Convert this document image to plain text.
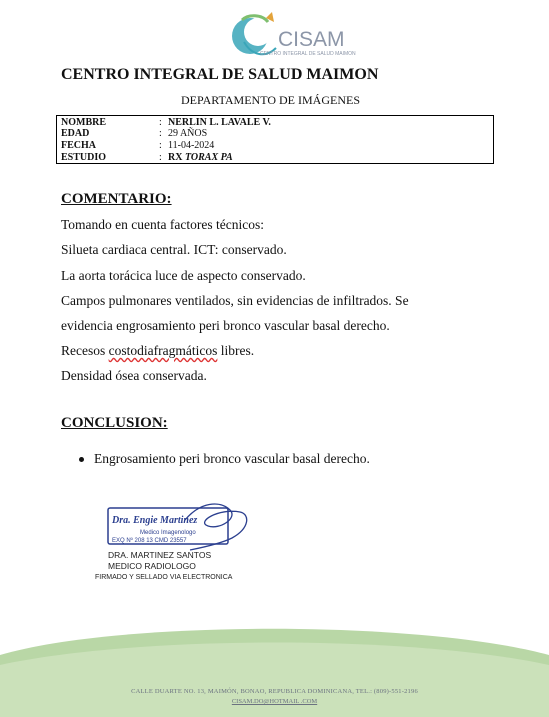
CISAM
CENTRO INTEGRAL DE SALUD MAIMON
CENTRO INTEGRAL DE SALUD MAIMON
DEPARTAMENTO DE IMÁGENES
NOMBRE	: NERLIN L. LAVALE V.
EDAD	: 29 AÑOS
FECHA	: 11-04-2024
ESTUDIO	: RX TORAX PA
COMENTARIO:
Tomando en cuenta factores técnicos:
Silueta cardiaca central. ICT: conservado.
La aorta torácica luce de aspecto conservado.
Campos pulmonares ventilados, sin evidencias de infiltrados. Se
evidencia engrosamiento peri bronco vascular basal derecho.
Recesos costodiafragmáticos libres.
Densidad ósea conservada.
CONCLUSION:
Engrosamiento peri bronco vascular basal derecho.
Dra. Engie Martinez
Medico Imagenologo
EXQ Nº 208 13 CMD 23557
DRA. MARTINEZ SANTOS
MEDICO RADIOLOGO
FIRMADO Y SELLADO VIA ELECTRONICA
CALLE DUARTE NO. 13, MAIMÓN, BONAO, REPUBLICA DOMINICANA, TEL.: (809)-551-2196
CISAM.DO@HOTMAIL .COM
